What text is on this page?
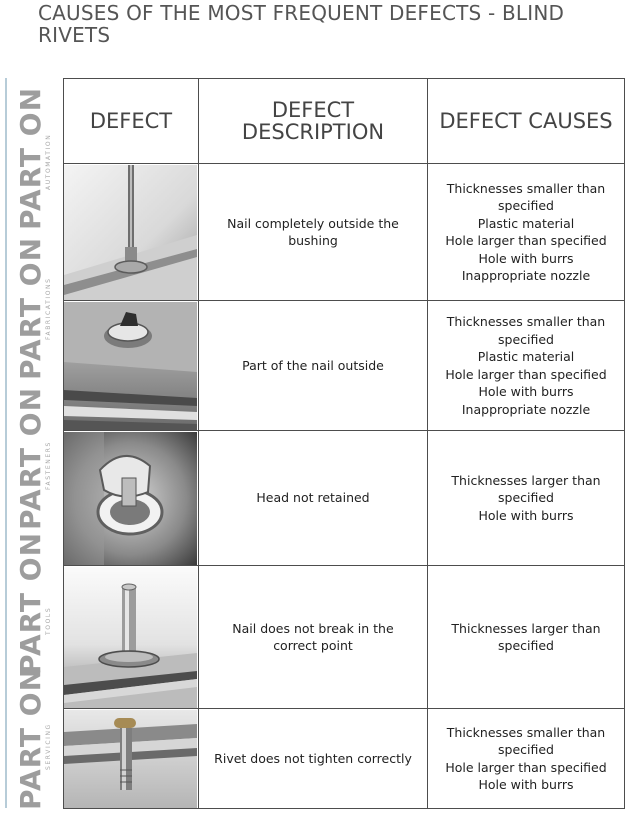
CAUSES OF THE MOST FREQUENT DEFECTS - BLIND RIVETS
PART ON
AUTOMATION
PART ON
FABRICATIONS
PART ON
FASTENERS
PART ON
TOOLS
PART ON
SERVICING
DEFECT	DEFECT DESCRIPTION	DEFECT CAUSES

	Nail completely outside the bushing	Thicknesses smaller than specified
Plastic material
Hole larger than specified
Hole with burrs
Inappropriate nozzle

	Part of the nail outside	Thicknesses smaller than specified
Plastic material
Hole larger than specified
Hole with burrs
Inappropriate nozzle

	Head not retained	Thicknesses larger than specified
Hole with burrs

	Nail does not break in the correct point	Thicknesses larger than specified

	Rivet does not tighten correctly	Thicknesses smaller than specified
Hole larger than specified
Hole with burrs
